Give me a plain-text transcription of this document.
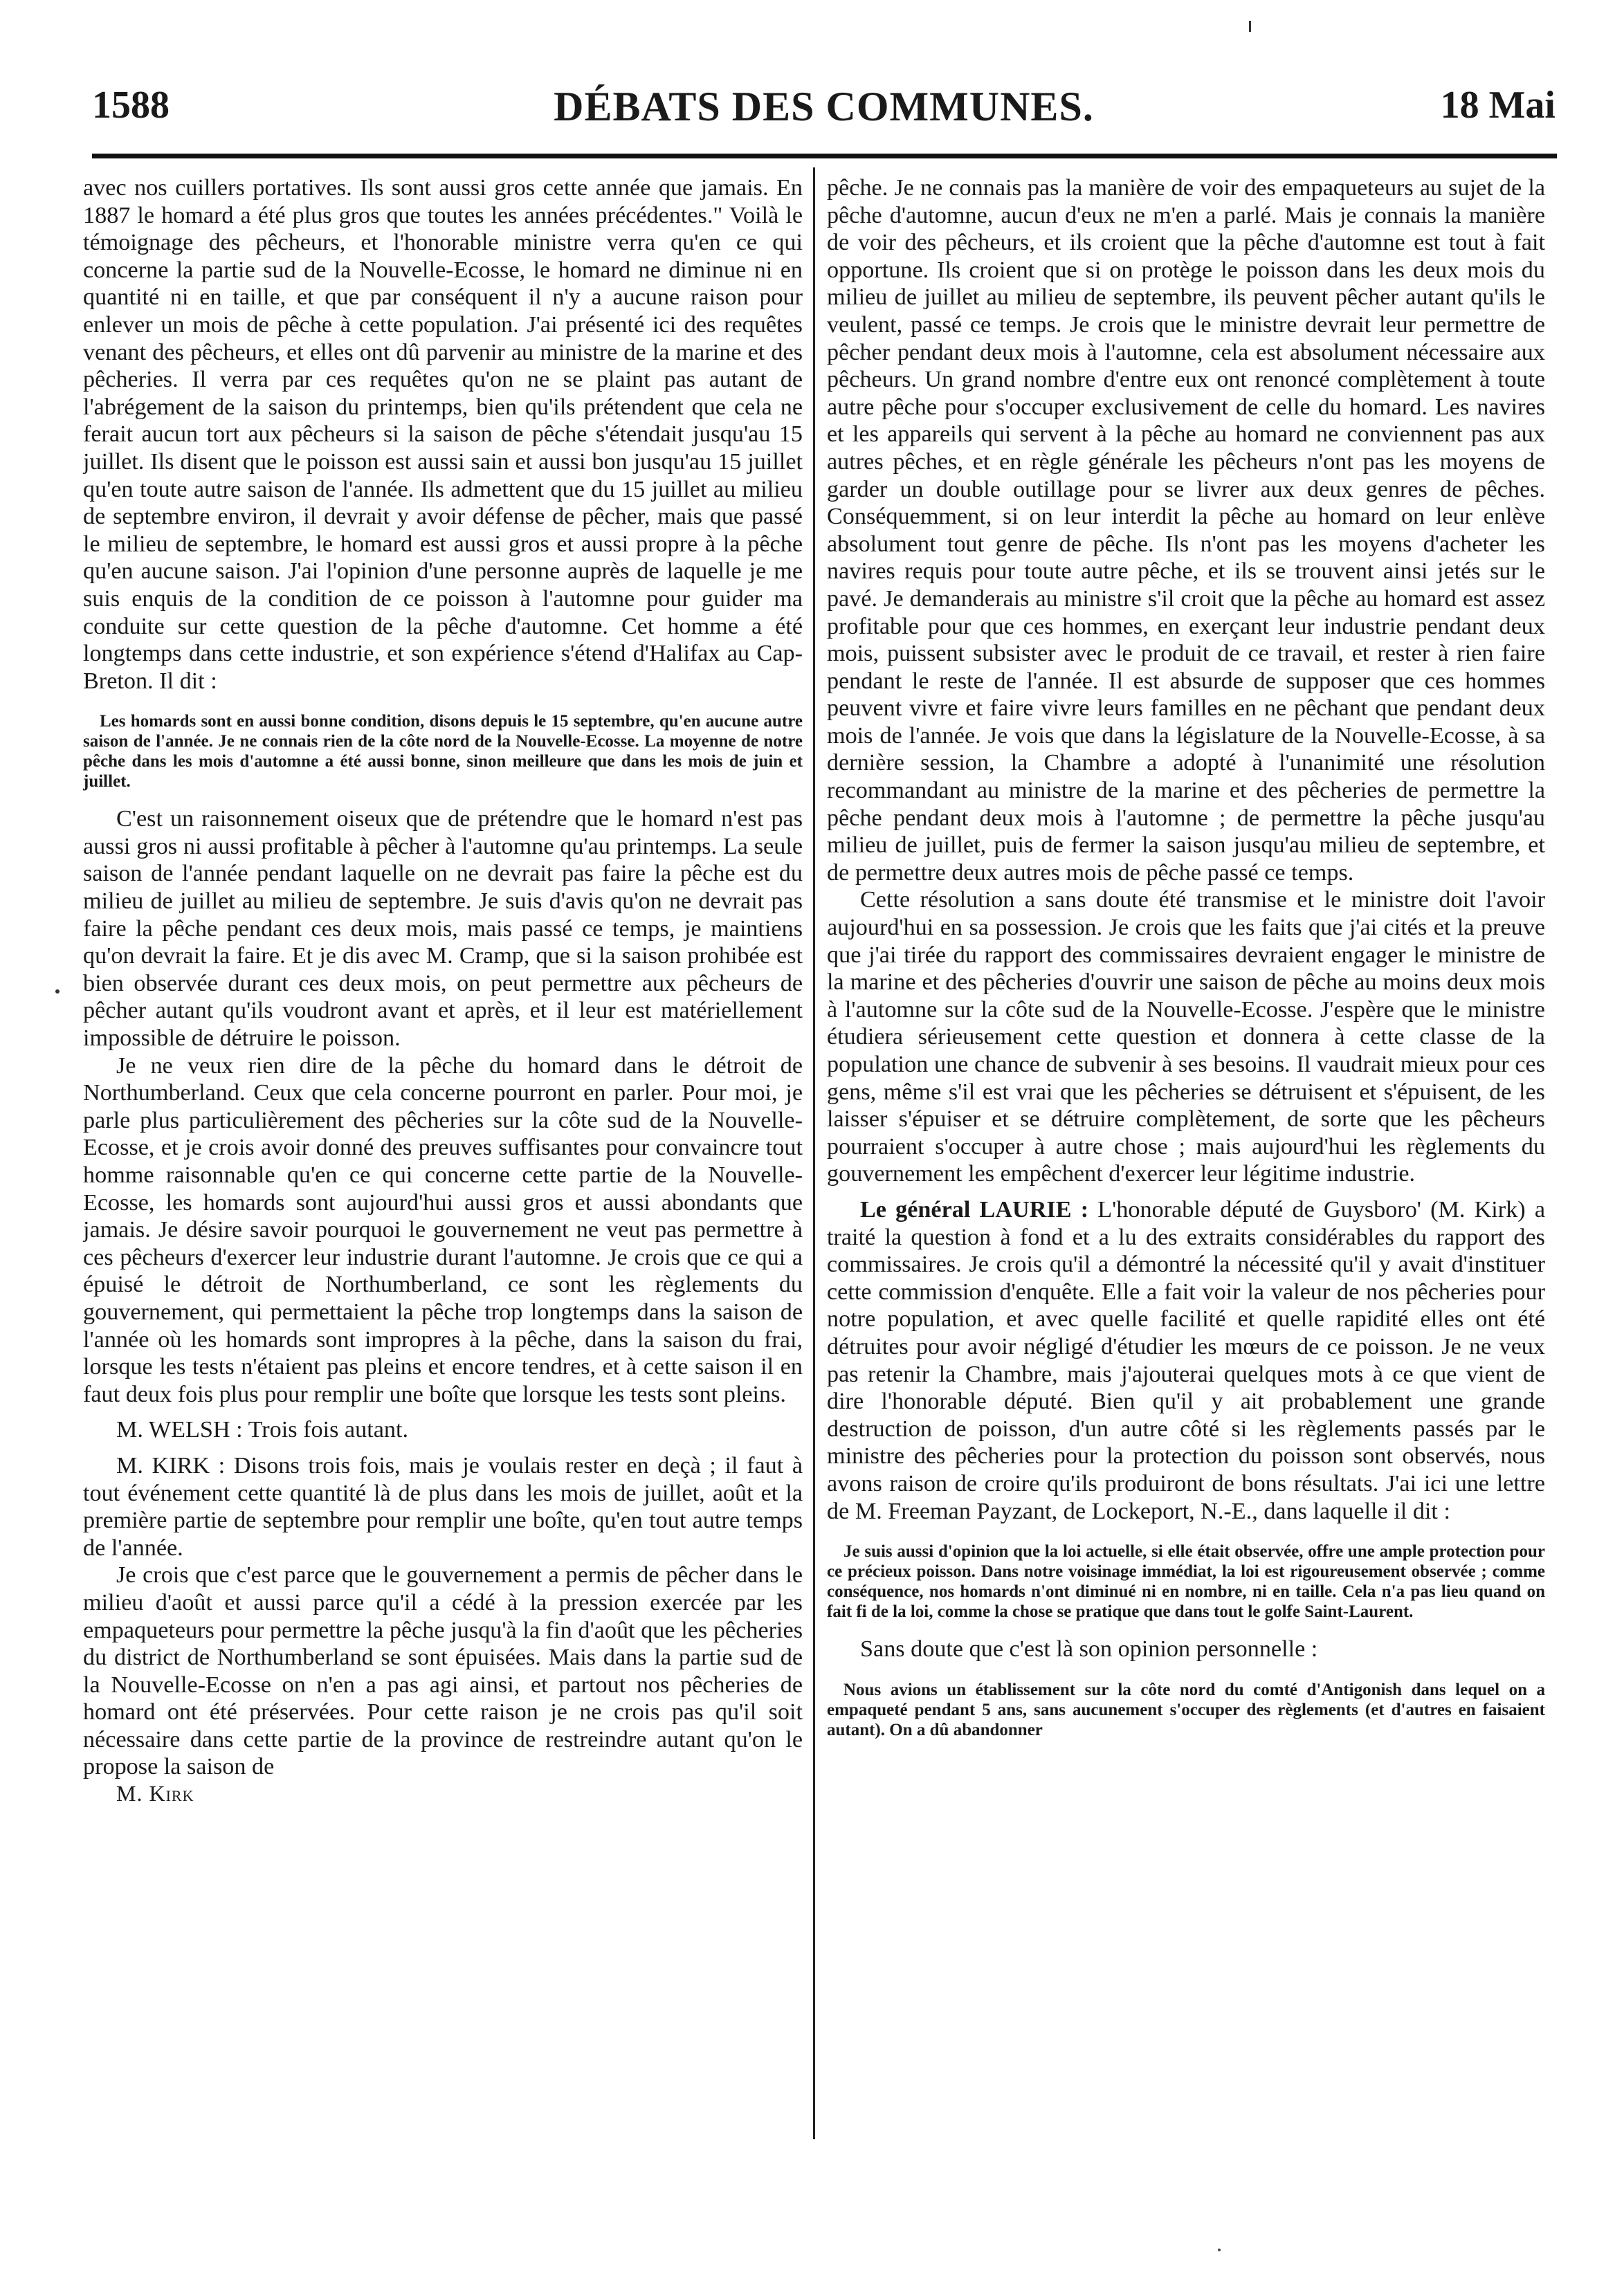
1588	DÉBATS DES COMMUNES.	18 Mai

avec nos cuillers portatives. Ils sont aussi gros cette année que jamais. En 1887 le homard a été plus gros que toutes les années précédentes." Voilà le témoignage des pêcheurs, et l'honorable ministre verra qu'en ce qui concerne la partie sud de la Nouvelle-Ecosse, le homard ne diminue ni en quantité ni en taille, et que par conséquent il n'y a aucune raison pour enlever un mois de pêche à cette population. J'ai présenté ici des requêtes venant des pêcheurs, et elles ont dû parvenir au ministre de la marine et des pêcheries. Il verra par ces requêtes qu'on ne se plaint pas autant de l'abrégement de la saison du printemps, bien qu'ils prétendent que cela ne ferait aucun tort aux pêcheurs si la saison de pêche s'étendait jusqu'au 15 juillet. Ils disent que le poisson est aussi sain et aussi bon jusqu'au 15 juillet qu'en toute autre saison de l'année. Ils admettent que du 15 juillet au milieu de septembre environ, il devrait y avoir défense de pêcher, mais que passé le milieu de septembre, le homard est aussi gros et aussi propre à la pêche qu'en aucune saison. J'ai l'opinion d'une personne auprès de laquelle je me suis enquis de la condition de ce poisson à l'automne pour guider ma conduite sur cette question de la pêche d'automne. Cet homme a été longtemps dans cette industrie, et son expérience s'étend d'Halifax au Cap-Breton. Il dit :

Les homards sont en aussi bonne condition, disons depuis le 15 septembre, qu'en aucune autre saison de l'année. Je ne connais rien de la côte nord de la Nouvelle-Ecosse. La moyenne de notre pêche dans les mois d'automne a été aussi bonne, sinon meilleure que dans les mois de juin et juillet.

C'est un raisonnement oiseux que de prétendre que le homard n'est pas aussi gros ni aussi profitable à pêcher à l'automne qu'au printemps. La seule saison de l'année pendant laquelle on ne devrait pas faire la pêche est du milieu de juillet au milieu de septembre. Je suis d'avis qu'on ne devrait pas faire la pêche pendant ces deux mois, mais passé ce temps, je maintiens qu'on devrait la faire. Et je dis avec M. Cramp, que si la saison prohibée est bien observée durant ces deux mois, on peut permettre aux pêcheurs de pêcher autant qu'ils voudront avant et après, et il leur est matériellement impossible de détruire le poisson.

Je ne veux rien dire de la pêche du homard dans le détroit de Northumberland. Ceux que cela concerne pourront en parler. Pour moi, je parle plus particulièrement des pêcheries sur la côte sud de la Nouvelle-Ecosse, et je crois avoir donné des preuves suffisantes pour convaincre tout homme raisonnable qu'en ce qui concerne cette partie de la Nouvelle-Ecosse, les homards sont aujourd'hui aussi gros et aussi abondants que jamais. Je désire savoir pourquoi le gouvernement ne veut pas permettre à ces pêcheurs d'exercer leur industrie durant l'automne. Je crois que ce qui a épuisé le détroit de Northumberland, ce sont les règlements du gouvernement, qui permettaient la pêche trop longtemps dans la saison de l'année où les homards sont impropres à la pêche, dans la saison du frai, lorsque les tests n'étaient pas pleins et encore tendres, et à cette saison il en faut deux fois plus pour remplir une boîte que lorsque les tests sont pleins.

M. WELSH : Trois fois autant.

M. KIRK : Disons trois fois, mais je voulais rester en deçà ; il faut à tout événement cette quantité là de plus dans les mois de juillet, août et la première partie de septembre pour remplir une boîte, qu'en tout autre temps de l'année.

Je crois que c'est parce que le gouvernement a permis de pêcher dans le milieu d'août et aussi parce qu'il a cédé à la pression exercée par les empaqueteurs pour permettre la pêche jusqu'à la fin d'août que les pêcheries du district de Northumberland se sont épuisées. Mais dans la partie sud de la Nouvelle-Ecosse on n'en a pas agi ainsi, et partout nos pêcheries de homard ont été préservées. Pour cette raison je ne crois pas qu'il soit nécessaire dans cette partie de la province de restreindre autant qu'on le propose la saison de

M. Kirk

pêche. Je ne connais pas la manière de voir des empaqueteurs au sujet de la pêche d'automne, aucun d'eux ne m'en a parlé. Mais je connais la manière de voir des pêcheurs, et ils croient que la pêche d'automne est tout à fait opportune. Ils croient que si on protège le poisson dans les deux mois du milieu de juillet au milieu de septembre, ils peuvent pêcher autant qu'ils le veulent, passé ce temps. Je crois que le ministre devrait leur permettre de pêcher pendant deux mois à l'automne, cela est absolument nécessaire aux pêcheurs. Un grand nombre d'entre eux ont renoncé complètement à toute autre pêche pour s'occuper exclusivement de celle du homard. Les navires et les appareils qui servent à la pêche au homard ne conviennent pas aux autres pêches, et en règle générale les pêcheurs n'ont pas les moyens de garder un double outillage pour se livrer aux deux genres de pêches. Conséquemment, si on leur interdit la pêche au homard on leur enlève absolument tout genre de pêche. Ils n'ont pas les moyens d'acheter les navires requis pour toute autre pêche, et ils se trouvent ainsi jetés sur le pavé. Je demanderais au ministre s'il croit que la pêche au homard est assez profitable pour que ces hommes, en exerçant leur industrie pendant deux mois, puissent subsister avec le produit de ce travail, et rester à rien faire pendant le reste de l'année. Il est absurde de supposer que ces hommes peuvent vivre et faire vivre leurs familles en ne pêchant que pendant deux mois de l'année. Je vois que dans la législature de la Nouvelle-Ecosse, à sa dernière session, la Chambre a adopté à l'unanimité une résolution recommandant au ministre de la marine et des pêcheries de permettre la pêche pendant deux mois à l'automne ; de permettre la pêche jusqu'au milieu de juillet, puis de fermer la saison jusqu'au milieu de septembre, et de permettre deux autres mois de pêche passé ce temps.

Cette résolution a sans doute été transmise et le ministre doit l'avoir aujourd'hui en sa possession. Je crois que les faits que j'ai cités et la preuve que j'ai tirée du rapport des commissaires devraient engager le ministre de la marine et des pêcheries d'ouvrir une saison de pêche au moins deux mois à l'automne sur la côte sud de la Nouvelle-Ecosse. J'espère que le ministre étudiera sérieusement cette question et donnera à cette classe de la population une chance de subvenir à ses besoins. Il vaudrait mieux pour ces gens, même s'il est vrai que les pêcheries se détruisent et s'épuisent, de les laisser s'épuiser et se détruire complètement, de sorte que les pêcheurs pourraient s'occuper à autre chose ; mais aujourd'hui les règlements du gouvernement les empêchent d'exercer leur légitime industrie.

Le général LAURIE : L'honorable député de Guysboro' (M. Kirk) a traité la question à fond et a lu des extraits considérables du rapport des commissaires. Je crois qu'il a démontré la nécessité qu'il y avait d'instituer cette commission d'enquête. Elle a fait voir la valeur de nos pêcheries pour notre population, et avec quelle facilité et quelle rapidité elles ont été détruites pour avoir négligé d'étudier les mœurs de ce poisson. Je ne veux pas retenir la Chambre, mais j'ajouterai quelques mots à ce que vient de dire l'honorable député. Bien qu'il y ait probablement une grande destruction de poisson, d'un autre côté si les règlements passés par le ministre des pêcheries pour la protection du poisson sont observés, nous avons raison de croire qu'ils produiront de bons résultats. J'ai ici une lettre de M. Freeman Payzant, de Lockeport, N.-E., dans laquelle il dit :

Je suis aussi d'opinion que la loi actuelle, si elle était observée, offre une ample protection pour ce précieux poisson. Dans notre voisinage immédiat, la loi est rigoureusement observée ; comme conséquence, nos homards n'ont diminué ni en nombre, ni en taille. Cela n'a pas lieu quand on fait fi de la loi, comme la chose se pratique que dans tout le golfe Saint-Laurent.

Sans doute que c'est là son opinion personnelle :

Nous avions un établissement sur la côte nord du comté d'Antigonish dans lequel on a empaqueté pendant 5 ans, sans aucunement s'occuper des règlements (et d'autres en faisaient autant). On a dû abandonner
